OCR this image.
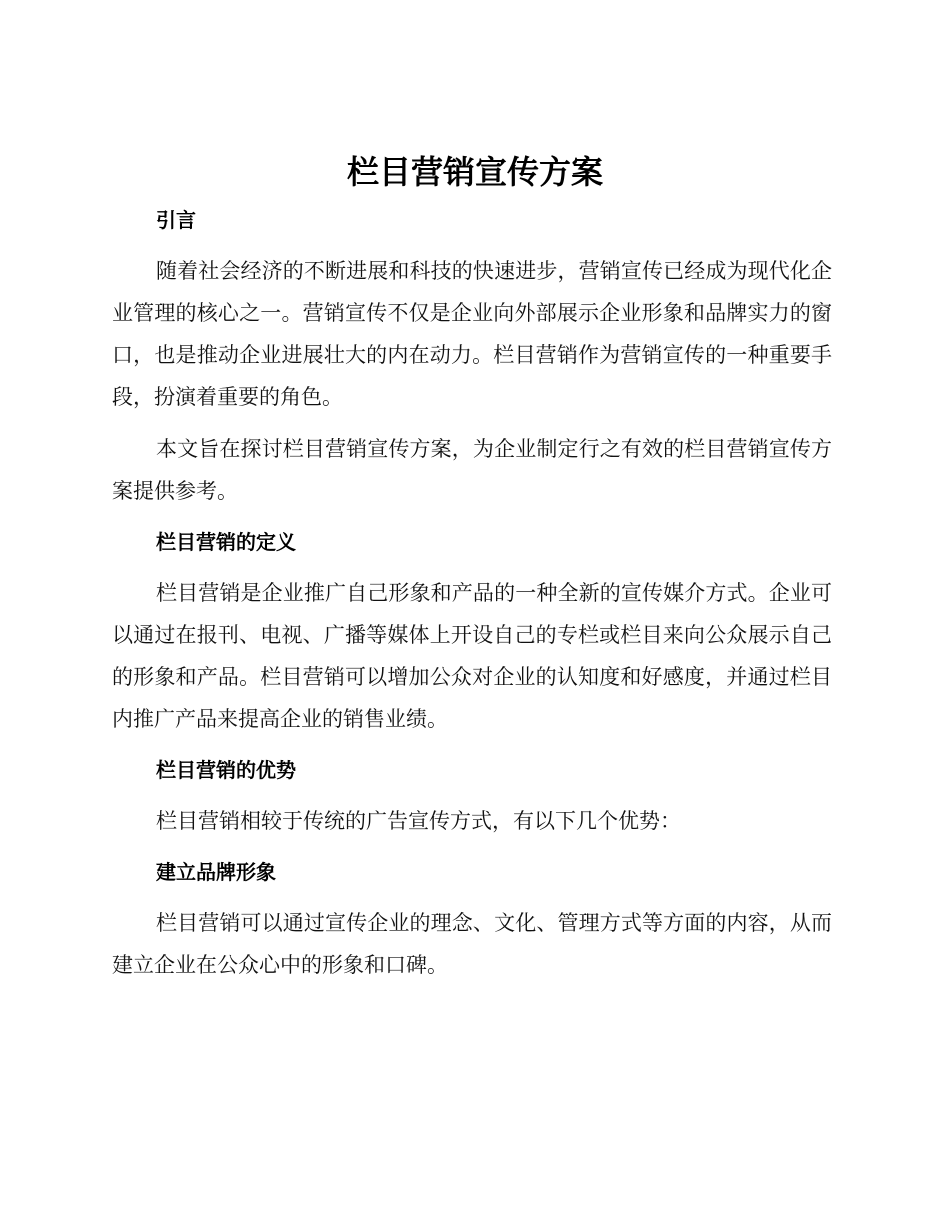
栏目营销宣传方案
引言

随着社会经济的不断进展和科技的快速进步，营销宣传已经成为现代化企业管理的核心之一。营销宣传不仅是企业向外部展示企业形象和品牌实力的窗口，也是推动企业进展壮大的内在动力。栏目营销作为营销宣传的一种重要手段，扮演着重要的角色。

本文旨在探讨栏目营销宣传方案，为企业制定行之有效的栏目营销宣传方案提供参考。

栏目营销的定义

栏目营销是企业推广自己形象和产品的一种全新的宣传媒介方式。企业可以通过在报刊、电视、广播等媒体上开设自己的专栏或栏目来向公众展示自己的形象和产品。栏目营销可以增加公众对企业的认知度和好感度，并通过栏目内推广产品来提高企业的销售业绩。

栏目营销的优势

栏目营销相较于传统的广告宣传方式，有以下几个优势：

建立品牌形象

栏目营销可以通过宣传企业的理念、文化、管理方式等方面的内容，从而建立企业在公众心中的形象和口碑。
